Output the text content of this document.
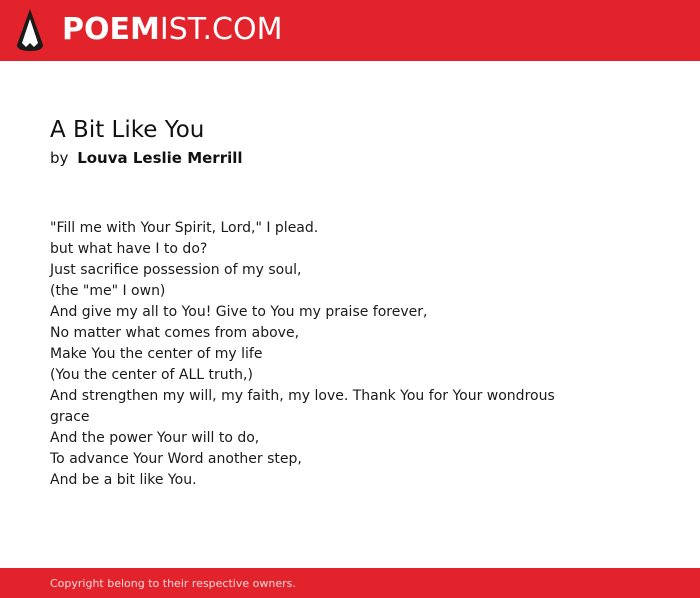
POEMIST.COM
A Bit Like You
by Louva Leslie Merrill
"Fill me with Your Spirit, Lord," I plead.
but what have I to do?
Just sacrifice possession of my soul,
(the "me" I own)
And give my all to You! Give to You my praise forever,
No matter what comes from above,
Make You the center of my life
(You the center of ALL truth,)
And strengthen my will, my faith, my love. Thank You for Your wondrous grace
And the power Your will to do,
To advance Your Word another step,
And be a bit like You.
Copyright belong to their respective owners.
